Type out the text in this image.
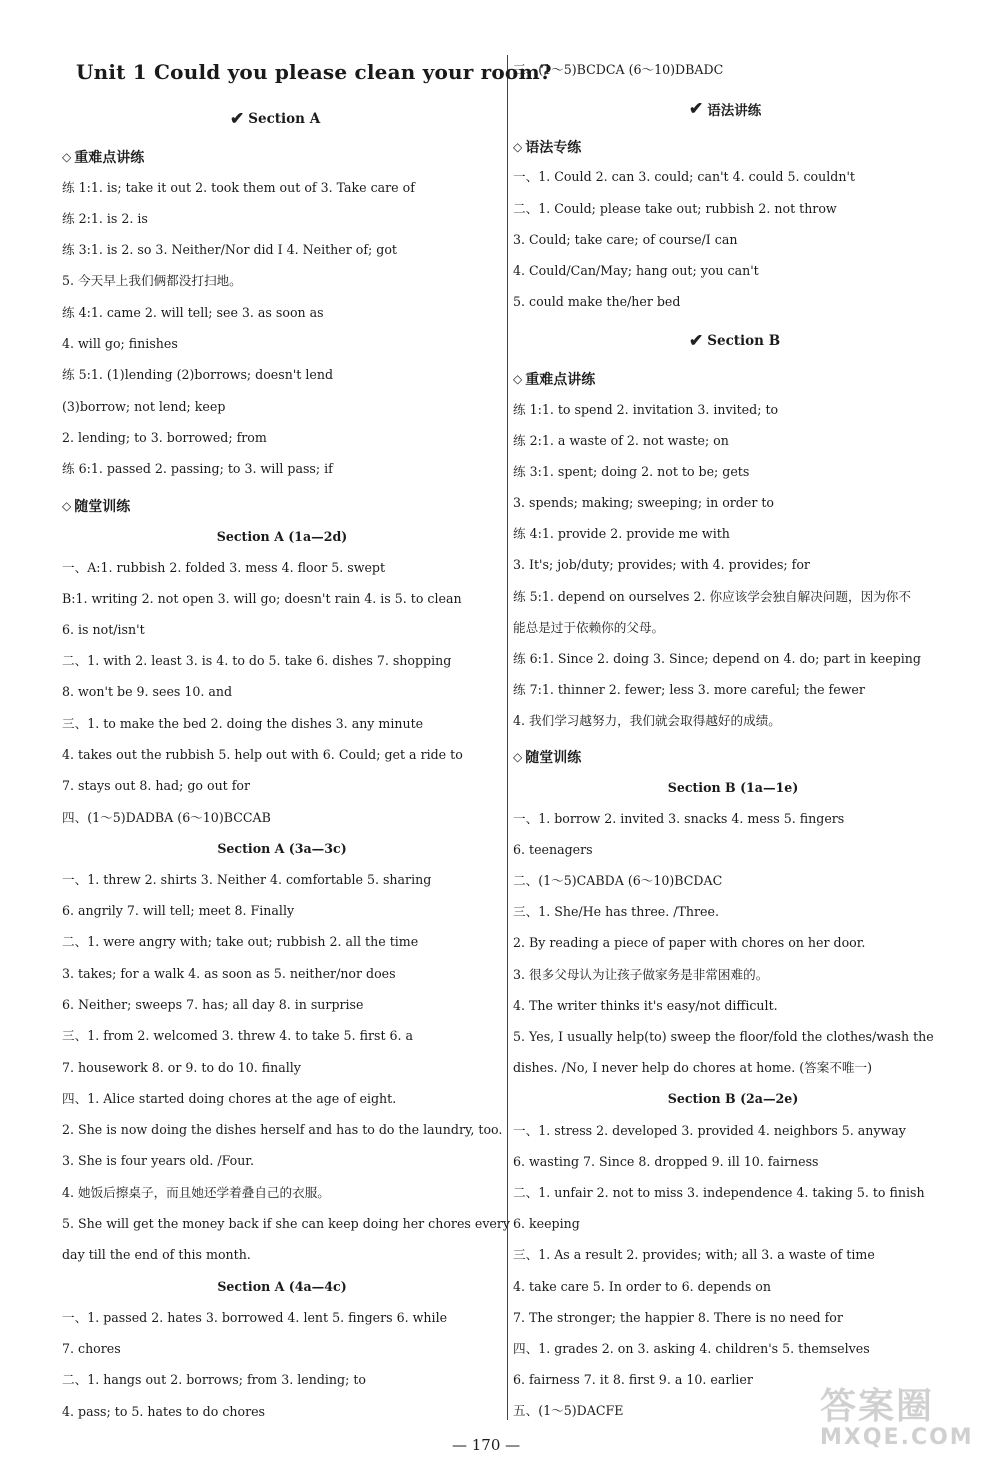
Unit 1 Could you please clean your room?
✔ Section A
◇ 重难点讲练
练 1:1. is; take it out 2. took them out of 3. Take care of
练 2:1. is 2. is
练 3:1. is 2. so 3. Neither/Nor did I 4. Neither of; got
5. 今天早上我们俩都没打扫地。
练 4:1. came 2. will tell; see 3. as soon as
4. will go; finishes
练 5:1. (1)lending (2)borrows; doesn't lend
(3)borrow; not lend; keep
2. lending; to 3. borrowed; from
练 6:1. passed 2. passing; to 3. will pass; if
◇ 随堂训练
Section A (1a—2d)
一、A:1. rubbish 2. folded 3. mess 4. floor 5. swept
B:1. writing 2. not open 3. will go; doesn't rain 4. is 5. to clean
6. is not/isn't
二、1. with 2. least 3. is 4. to do 5. take 6. dishes 7. shopping
8. won't be 9. sees 10. and
三、1. to make the bed 2. doing the dishes 3. any minute
4. takes out the rubbish 5. help out with 6. Could; get a ride to
7. stays out 8. had; go out for
四、(1～5)DADBA (6～10)BCCAB
Section A (3a—3c)
一、1. threw 2. shirts 3. Neither 4. comfortable 5. sharing
6. angrily 7. will tell; meet 8. Finally
二、1. were angry with; take out; rubbish 2. all the time
3. takes; for a walk 4. as soon as 5. neither/nor does
6. Neither; sweeps 7. has; all day 8. in surprise
三、1. from 2. welcomed 3. threw 4. to take 5. first 6. a
7. housework 8. or 9. to do 10. finally
四、1. Alice started doing chores at the age of eight.
2. She is now doing the dishes herself and has to do the laundry, too.
3. She is four years old. /Four.
4. 她饭后擦桌子，而且她还学着叠自己的衣服。
5. She will get the money back if she can keep doing her chores every
day till the end of this month.
Section A (4a—4c)
一、1. passed 2. hates 3. borrowed 4. lent 5. fingers 6. while
7. chores
二、1. hangs out 2. borrows; from 3. lending; to
4. pass; to 5. hates to do chores
三、(1～5)BCDCA (6～10)DBADC
✔ 语法讲练
◇ 语法专练
一、1. Could 2. can 3. could; can't 4. could 5. couldn't
二、1. Could; please take out; rubbish 2. not throw
3. Could; take care; of course/I can
4. Could/Can/May; hang out; you can't
5. could make the/her bed
✔ Section B
◇ 重难点讲练
练 1:1. to spend 2. invitation 3. invited; to
练 2:1. a waste of 2. not waste; on
练 3:1. spent; doing 2. not to be; gets
3. spends; making; sweeping; in order to
练 4:1. provide 2. provide me with
3. It's; job/duty; provides; with 4. provides; for
练 5:1. depend on ourselves 2. 你应该学会独自解决问题，因为你不
能总是过于依赖你的父母。
练 6:1. Since 2. doing 3. Since; depend on 4. do; part in keeping
练 7:1. thinner 2. fewer; less 3. more careful; the fewer
4. 我们学习越努力，我们就会取得越好的成绩。
◇ 随堂训练
Section B (1a—1e)
一、1. borrow 2. invited 3. snacks 4. mess 5. fingers
6. teenagers
二、(1～5)CABDA (6～10)BCDAC
三、1. She/He has three. /Three.
2. By reading a piece of paper with chores on her door.
3. 很多父母认为让孩子做家务是非常困难的。
4. The writer thinks it's easy/not difficult.
5. Yes, I usually help(to) sweep the floor/fold the clothes/wash the
dishes. /No, I never help do chores at home. (答案不唯一)
Section B (2a—2e)
一、1. stress 2. developed 3. provided 4. neighbors 5. anyway
6. wasting 7. Since 8. dropped 9. ill 10. fairness
二、1. unfair 2. not to miss 3. independence 4. taking 5. to finish
6. keeping
三、1. As a result 2. provides; with; all 3. a waste of time
4. take care 5. In order to 6. depends on
7. The stronger; the happier 8. There is no need for
四、1. grades 2. on 3. asking 4. children's 5. themselves
6. fairness 7. it 8. first 9. a 10. earlier
五、(1～5)DACFE
— 170 —
答案圈
MXQE.COM
